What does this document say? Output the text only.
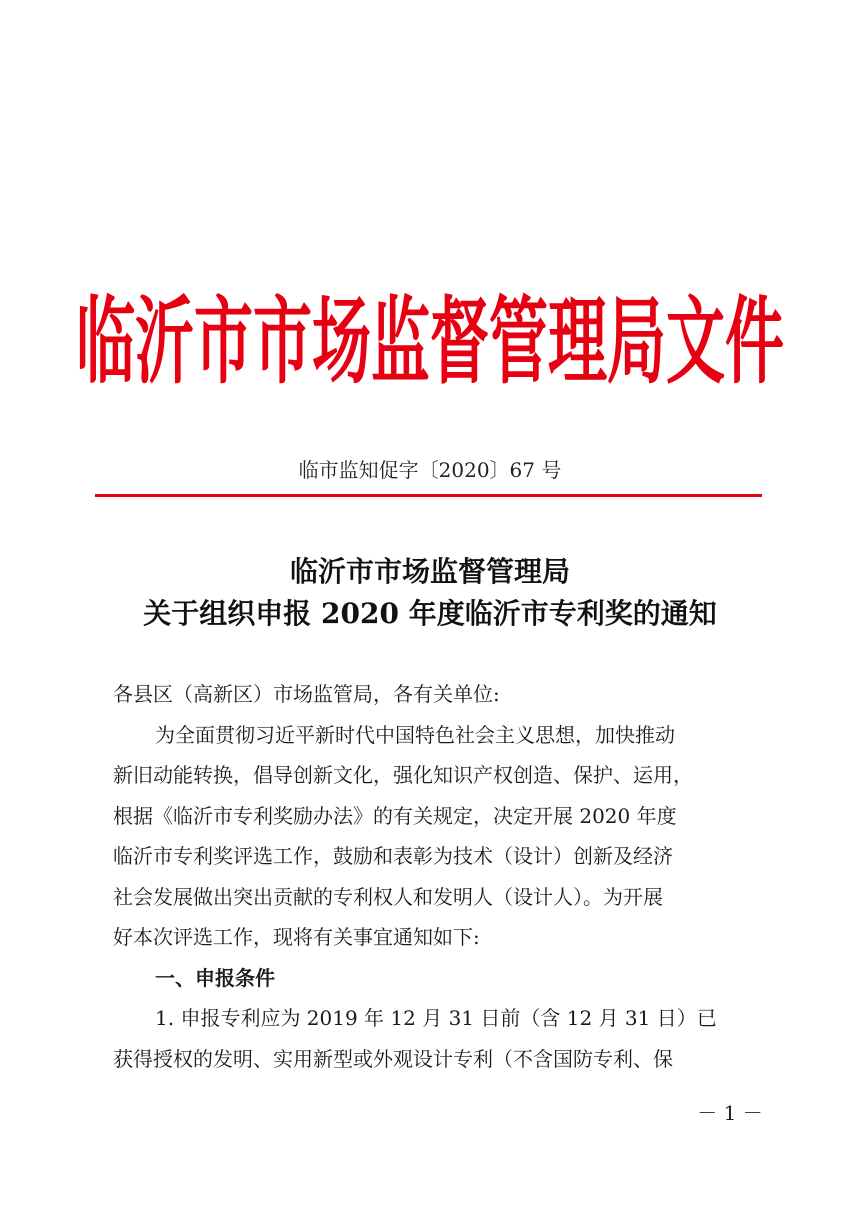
临沂市市场监督管理局文件
临市监知促字〔2020〕67 号
临沂市市场监督管理局
关于组织申报 2020 年度临沂市专利奖的通知
各县区（高新区）市场监管局，各有关单位:
为全面贯彻习近平新时代中国特色社会主义思想，加快推动
新旧动能转换，倡导创新文化，强化知识产权创造、保护、运用，
根据《临沂市专利奖励办法》的有关规定，决定开展 2020 年度
临沂市专利奖评选工作，鼓励和表彰为技术（设计）创新及经济
社会发展做出突出贡献的专利权人和发明人（设计人）。为开展
好本次评选工作，现将有关事宜通知如下:
一、申报条件
1. 申报专利应为 2019 年 12 月 31 日前（含 12 月 31 日）已
获得授权的发明、实用新型或外观设计专利（不含国防专利、保
－ 1 －
